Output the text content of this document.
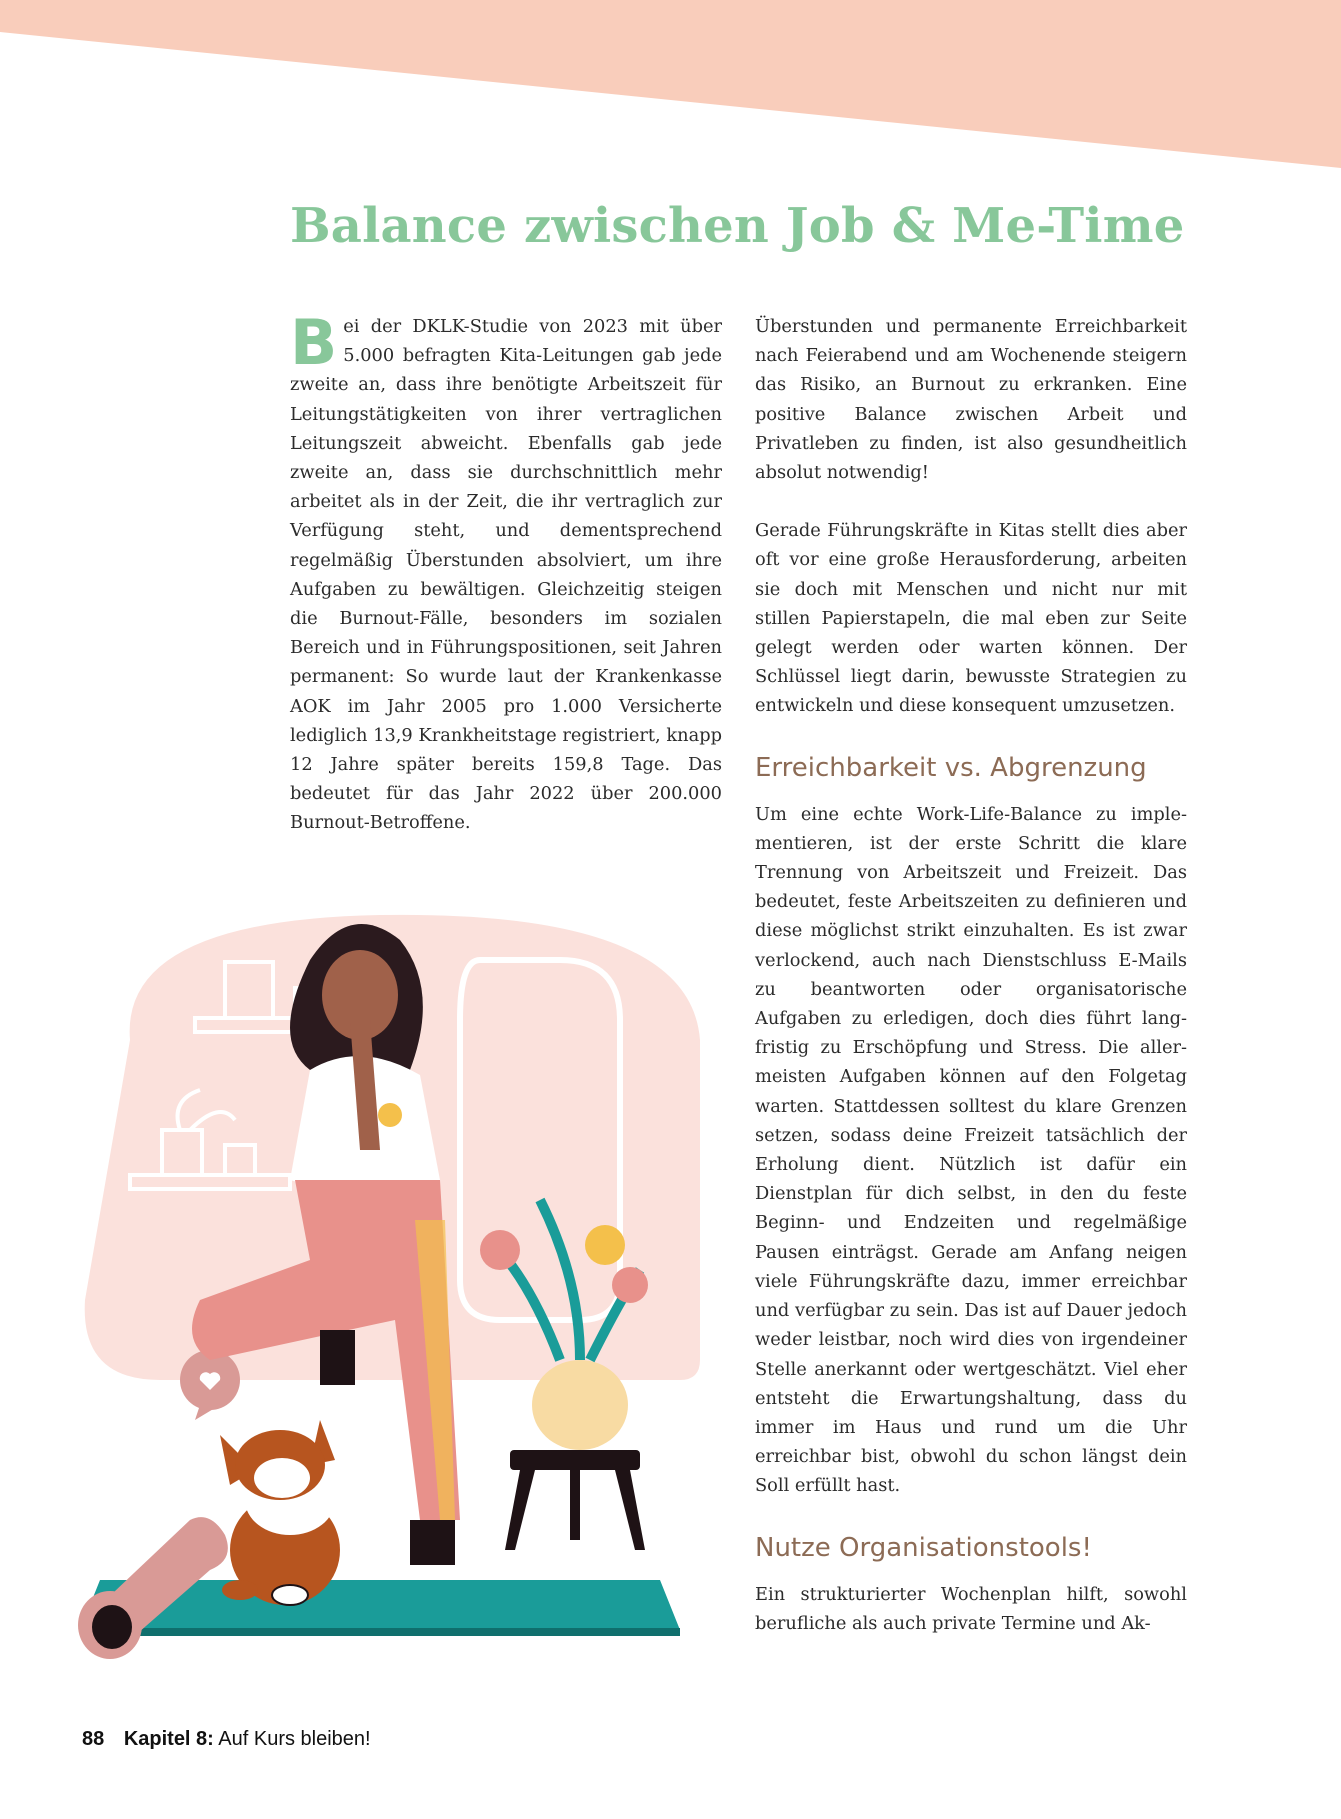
Balance zwischen Job & Me-Time

Bei der DKLK-Studie von 2023 mit über 5.000 befragten Kita-Leitungen gab jede zweite an, dass ihre benötigte Arbeitszeit für Leitungstätigkeiten von ihrer vertraglichen Leitungszeit abweicht. Ebenfalls gab jede zweite an, dass sie durchschnittlich mehr arbeitet als in der Zeit, die ihr vertraglich zur Verfügung steht, und dementsprechend regelmäßig Überstunden absolviert, um ihre Aufgaben zu bewältigen. Gleichzeitig steigen die Burnout-Fälle, besonders im sozialen Bereich und in Führungspositionen, seit Jahren permanent: So wurde laut der Krankenkasse AOK im Jahr 2005 pro 1.000 Versicherte lediglich 13,9 Krankheitstage registriert, knapp 12 Jahre später bereits 159,8 Tage. Das bedeutet für das Jahr 2022 über 200.000 Burnout-Betroffene.

Überstunden und permanente Erreichbarkeit nach Feierabend und am Wochenende steigern das Risiko, an Burnout zu erkranken. Eine positive Balance zwischen Arbeit und Privatleben zu finden, ist also gesundheitlich absolut notwendig!

Gerade Führungskräfte in Kitas stellt dies aber oft vor eine große Herausforderung, arbeiten sie doch mit Menschen und nicht nur mit stillen Papierstapeln, die mal eben zur Seite gelegt werden oder warten können. Der Schlüssel liegt darin, bewusste Strategien zu entwickeln und diese konsequent umzusetzen.

Erreichbarkeit vs. Abgrenzung

Um eine echte Work-Life-Balance zu implementieren, ist der erste Schritt die klare Trennung von Arbeitszeit und Freizeit. Das bedeutet, feste Arbeitszeiten zu definieren und diese möglichst strikt einzuhalten. Es ist zwar verlockend, auch nach Dienstschluss E-Mails zu beantworten oder organisatorische Aufgaben zu erledigen, doch dies führt langfristig zu Erschöpfung und Stress. Die allermeisten Aufgaben können auf den Folgetag warten. Stattdessen solltest du klare Grenzen setzen, sodass deine Freizeit tatsächlich der Erholung dient. Nützlich ist dafür ein Dienstplan für dich selbst, in den du feste Beginn- und Endzeiten und regelmäßige Pausen einträgst. Gerade am Anfang neigen viele Führungskräfte dazu, immer erreichbar und verfügbar zu sein. Das ist auf Dauer jedoch weder leistbar, noch wird dies von irgendeiner Stelle anerkannt oder wertgeschätzt. Viel eher entsteht die Erwartungshaltung, dass du immer im Haus und rund um die Uhr erreichbar bist, obwohl du schon längst dein Soll erfüllt hast.

Nutze Organisationstools!

Ein strukturierter Wochenplan hilft, sowohl berufliche als auch private Termine und Ak-

88 Kapitel 8: Auf Kurs bleiben!
